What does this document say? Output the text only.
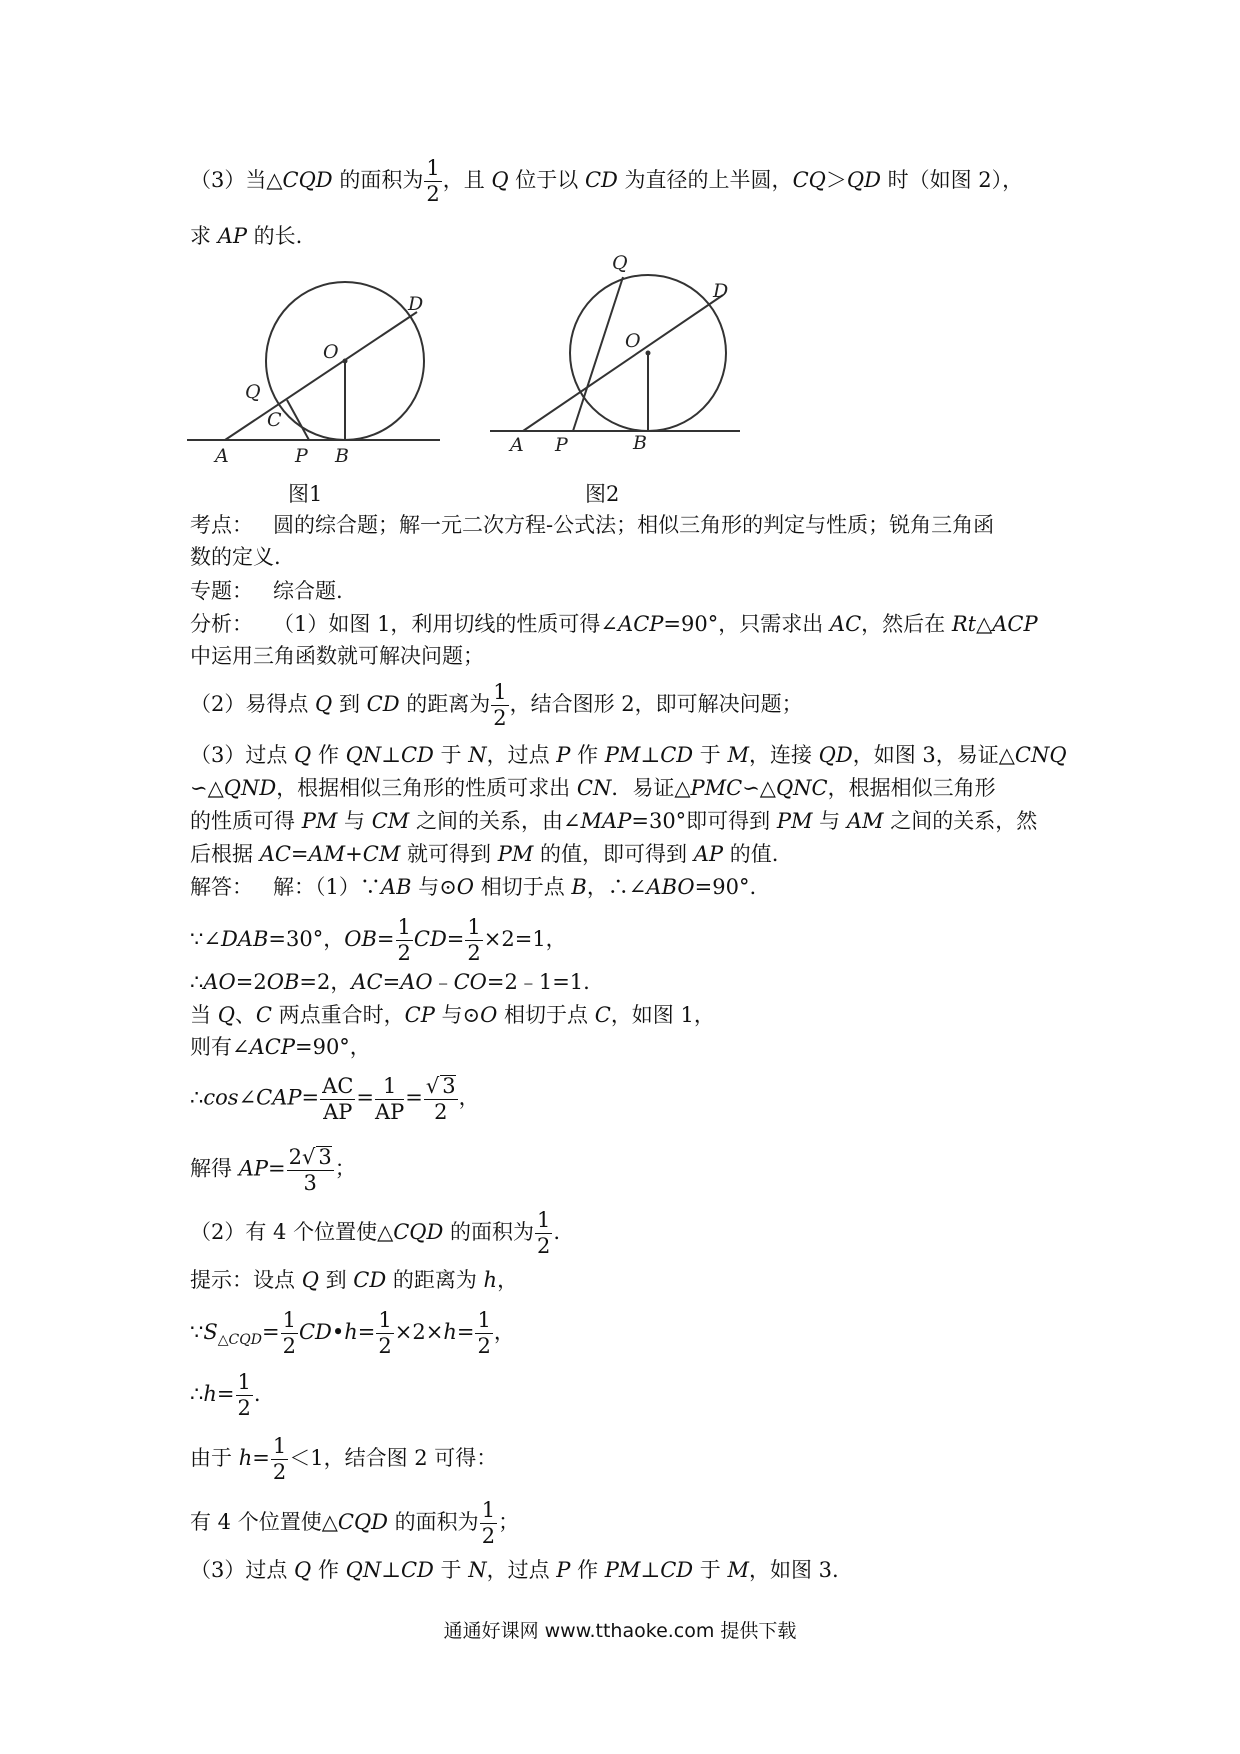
（3）当△CQD 的面积为 $\frac{1}{2}$ ，且 Q 位于以 CD 为直径的上半圆，CQ＞QD 时（如图 2），
求 AP 的长.
D
O
Q
C
A	P B
图1
Q
D
O
A P	B
图2
考点： 圆的综合题；解一元二次方程-公式法；相似三角形的判定与性质；锐角三角函
数的定义.
专题： 综合题.
分析： （1）如图 1，利用切线的性质可得∠ACP=90°，只需求出 AC，然后在 Rt△ACP
中运用三角函数就可解决问题；
（2）易得点 Q 到 CD 的距离为 $\frac{1}{2}$ ，结合图形 2，即可解决问题；
（3）过点 Q 作 QN⊥CD 于 N，过点 P 作 PM⊥CD 于 M，连接 QD，如图 3，易证△CNQ
∽△QND，根据相似三角形的性质可求出 CN．易证△PMC∽△QNC，根据相似三角形
的性质可得 PM 与 CM 之间的关系，由∠MAP=30°即可得到 PM 与 AM 之间的关系，然
后根据 AC=AM+CM 就可得到 PM 的值，即可得到 AP 的值.
解答： 解：（1）∵AB 与⊙O 相切于点 B，∴∠ABO=90°.
∵∠DAB=30°，$OB= \frac{1}{2} CD= \frac{1}{2} \times 2=1$，
∴AO=2OB=2，AC=AO﹣CO=2﹣1=1.
当 Q、C 两点重合时，CP 与⊙O 相切于点 C，如图 1，
则有∠ACP=90°，
∴cos∠CAP= $\frac{AC}{AP} = \frac{1}{AP} = \frac{√ 3}{2}$ ，
解得 $AP= \frac{2√ 3}{3}$ ；
（2）有 4 个位置使△CQD 的面积为 $\frac{1}{2}$ .
提示：设点 Q 到 CD 的距离为 h，
$\because S_{\triangle CQD}= \frac{1}{2}$ CD•h= $\frac{1}{2} \times 2\times h= \frac{1}{2}$ ，
∴h= $\frac{1}{2}$ .
由于 $h= \frac{1}{2} <1$，结合图 2 可得：
有 4 个位置使△CQD 的面积为 $\frac{1}{2}$ ；
（3）过点 Q 作 QN⊥CD 于 N，过点 P 作 PM⊥CD 于 M，如图 3.
通通好课网 www.tthaoke.com 提供下载
